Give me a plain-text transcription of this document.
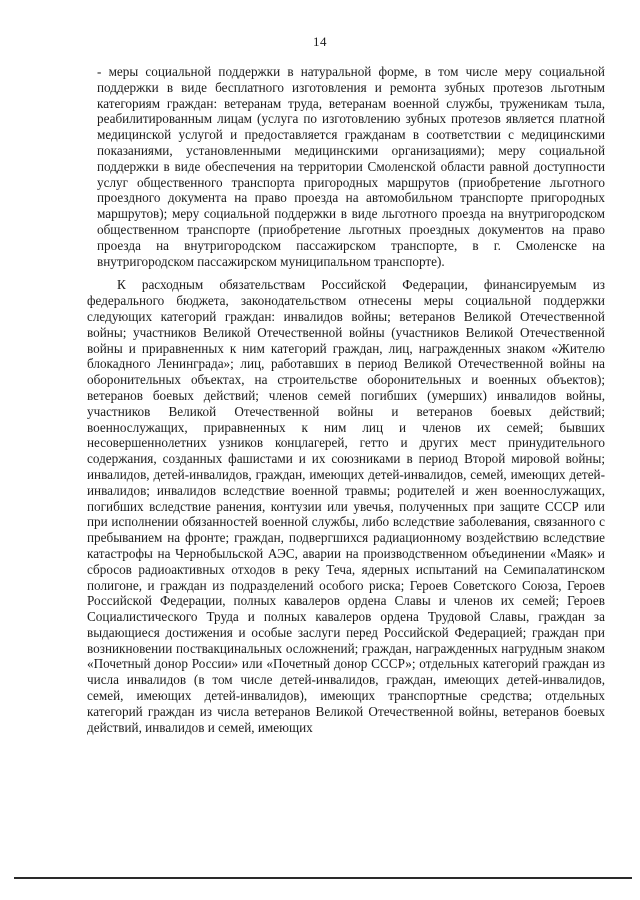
14

- меры социальной поддержки в натуральной форме, в том числе меру социальной поддержки в виде бесплатного изготовления и ремонта зубных протезов льготным категориям граждан: ветеранам труда, ветеранам военной службы, труженикам тыла, реабилитированным лицам (услуга по изготовлению зубных протезов является платной медицинской услугой и предоставляется гражданам в соответствии с медицинскими показаниями, установленными медицинскими организациями); меру социальной поддержки в виде обеспечения на территории Смоленской области равной доступности услуг общественного транспорта пригородных маршрутов (приобретение льготного проездного документа на право проезда на автомобильном транспорте пригородных маршрутов); меру социальной поддержки в виде льготного проезда на внутригородском общественном транспорте (приобретение льготных проездных документов на право проезда на внутригородском пассажирском транспорте, в г. Смоленске на внутригородском пассажирском муниципальном транспорте).

К расходным обязательствам Российской Федерации, финансируемым из федерального бюджета, законодательством отнесены меры социальной поддержки следующих категорий граждан: инвалидов войны; ветеранов Великой Отечественной войны; участников Великой Отечественной войны (участников Великой Отечественной войны и приравненных к ним категорий граждан, лиц, награжденных знаком «Жителю блокадного Ленинграда»; лиц, работавших в период Великой Отечественной войны на оборонительных объектах, на строительстве оборонительных и военных объектов); ветеранов боевых действий; членов семей погибших (умерших) инвалидов войны, участников Великой Отечественной войны и ветеранов боевых действий; военнослужащих, приравненных к ним лиц и членов их семей; бывших несовершеннолетних узников концлагерей, гетто и других мест принудительного содержания, созданных фашистами и их союзниками в период Второй мировой войны; инвалидов, детей-инвалидов, граждан, имеющих детей-инвалидов, семей, имеющих детей-инвалидов; инвалидов вследствие военной травмы; родителей и жен военнослужащих, погибших вследствие ранения, контузии или увечья, полученных при защите СССР или при исполнении обязанностей военной службы, либо вследствие заболевания, связанного с пребыванием на фронте; граждан, подвергшихся радиационному воздействию вследствие катастрофы на Чернобыльской АЭС, аварии на производственном объединении «Маяк» и сбросов радиоактивных отходов в реку Теча, ядерных испытаний на Семипалатинском полигоне, и граждан из подразделений особого риска; Героев Советского Союза, Героев Российской Федерации, полных кавалеров ордена Славы и членов их семей; Героев Социалистического Труда и полных кавалеров ордена Трудовой Славы, граждан за выдающиеся достижения и особые заслуги перед Российской Федерацией; граждан при возникновении поствакцинальных осложнений; граждан, награжденных нагрудным знаком «Почетный донор России» или «Почетный донор СССР»; отдельных категорий граждан из числа инвалидов (в том числе детей-инвалидов, граждан, имеющих детей-инвалидов, семей, имеющих детей-инвалидов), имеющих транспортные средства; отдельных категорий граждан из числа ветеранов Великой Отечественной войны, ветеранов боевых действий, инвалидов и семей, имеющих
